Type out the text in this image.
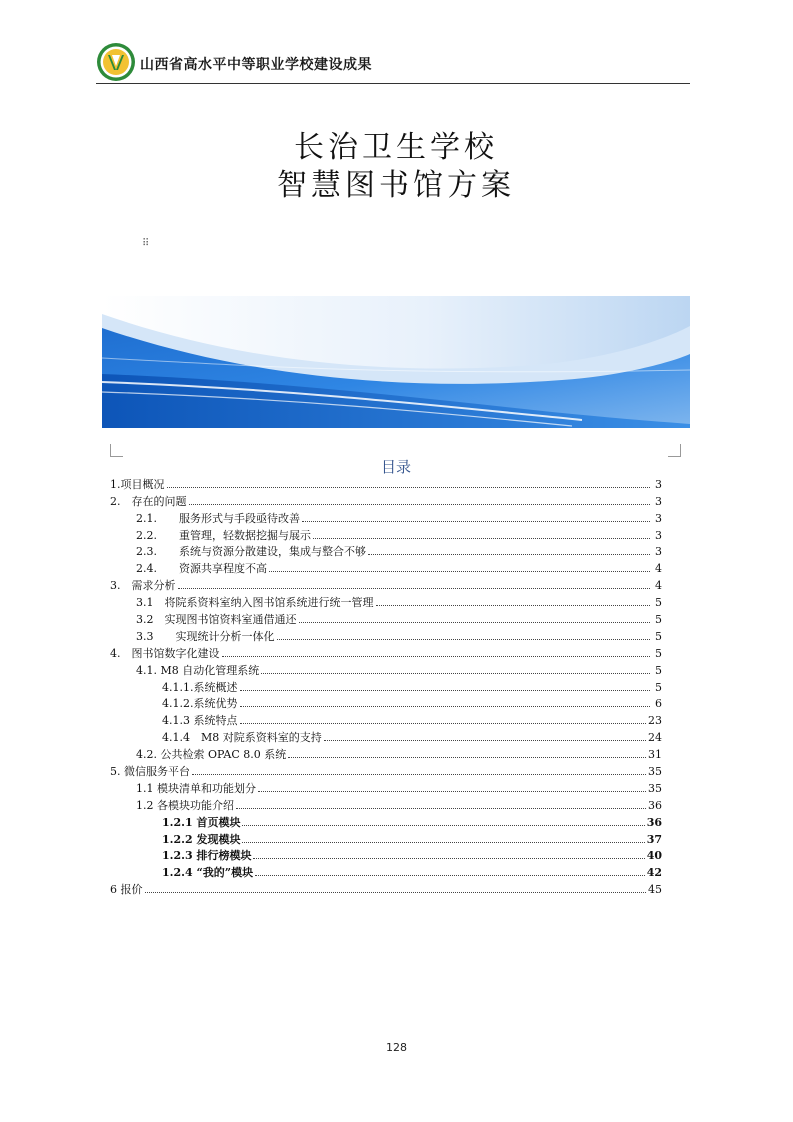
山西省高水平中等职业学校建设成果
长治卫生学校
智慧图书馆方案
⠿
目录
1.项目概况	3
2.　存在的问题	3
2.1.　　服务形式与手段亟待改善	3
2.2.　　重管理，轻数据挖掘与展示	3
2.3.　　系统与资源分散建设，集成与整合不够	3
2.4.　　资源共享程度不高	4
3.　需求分析	4
3.1　将院系资料室纳入图书馆系统进行统一管理	5
3.2　实现图书馆资料室通借通还	5
3.3　　实现统计分析一体化	5
4.　图书馆数字化建设	5
4.1. M8 自动化管理系统	5
4.1.1.系统概述	5
4.1.2.系统优势	6
4.1.3 系统特点	23
4.1.4　M8 对院系资料室的支持	24
4.2. 公共检索 OPAC 8.0 系统	31
5. 微信服务平台	35
1.1 模块清单和功能划分	35
1.2 各模块功能介绍	36
1.2.1 首页模块	36
1.2.2 发现模块	37
1.2.3 排行榜模块	40
1.2.4 “我的”模块	42
6 报价	45
128
